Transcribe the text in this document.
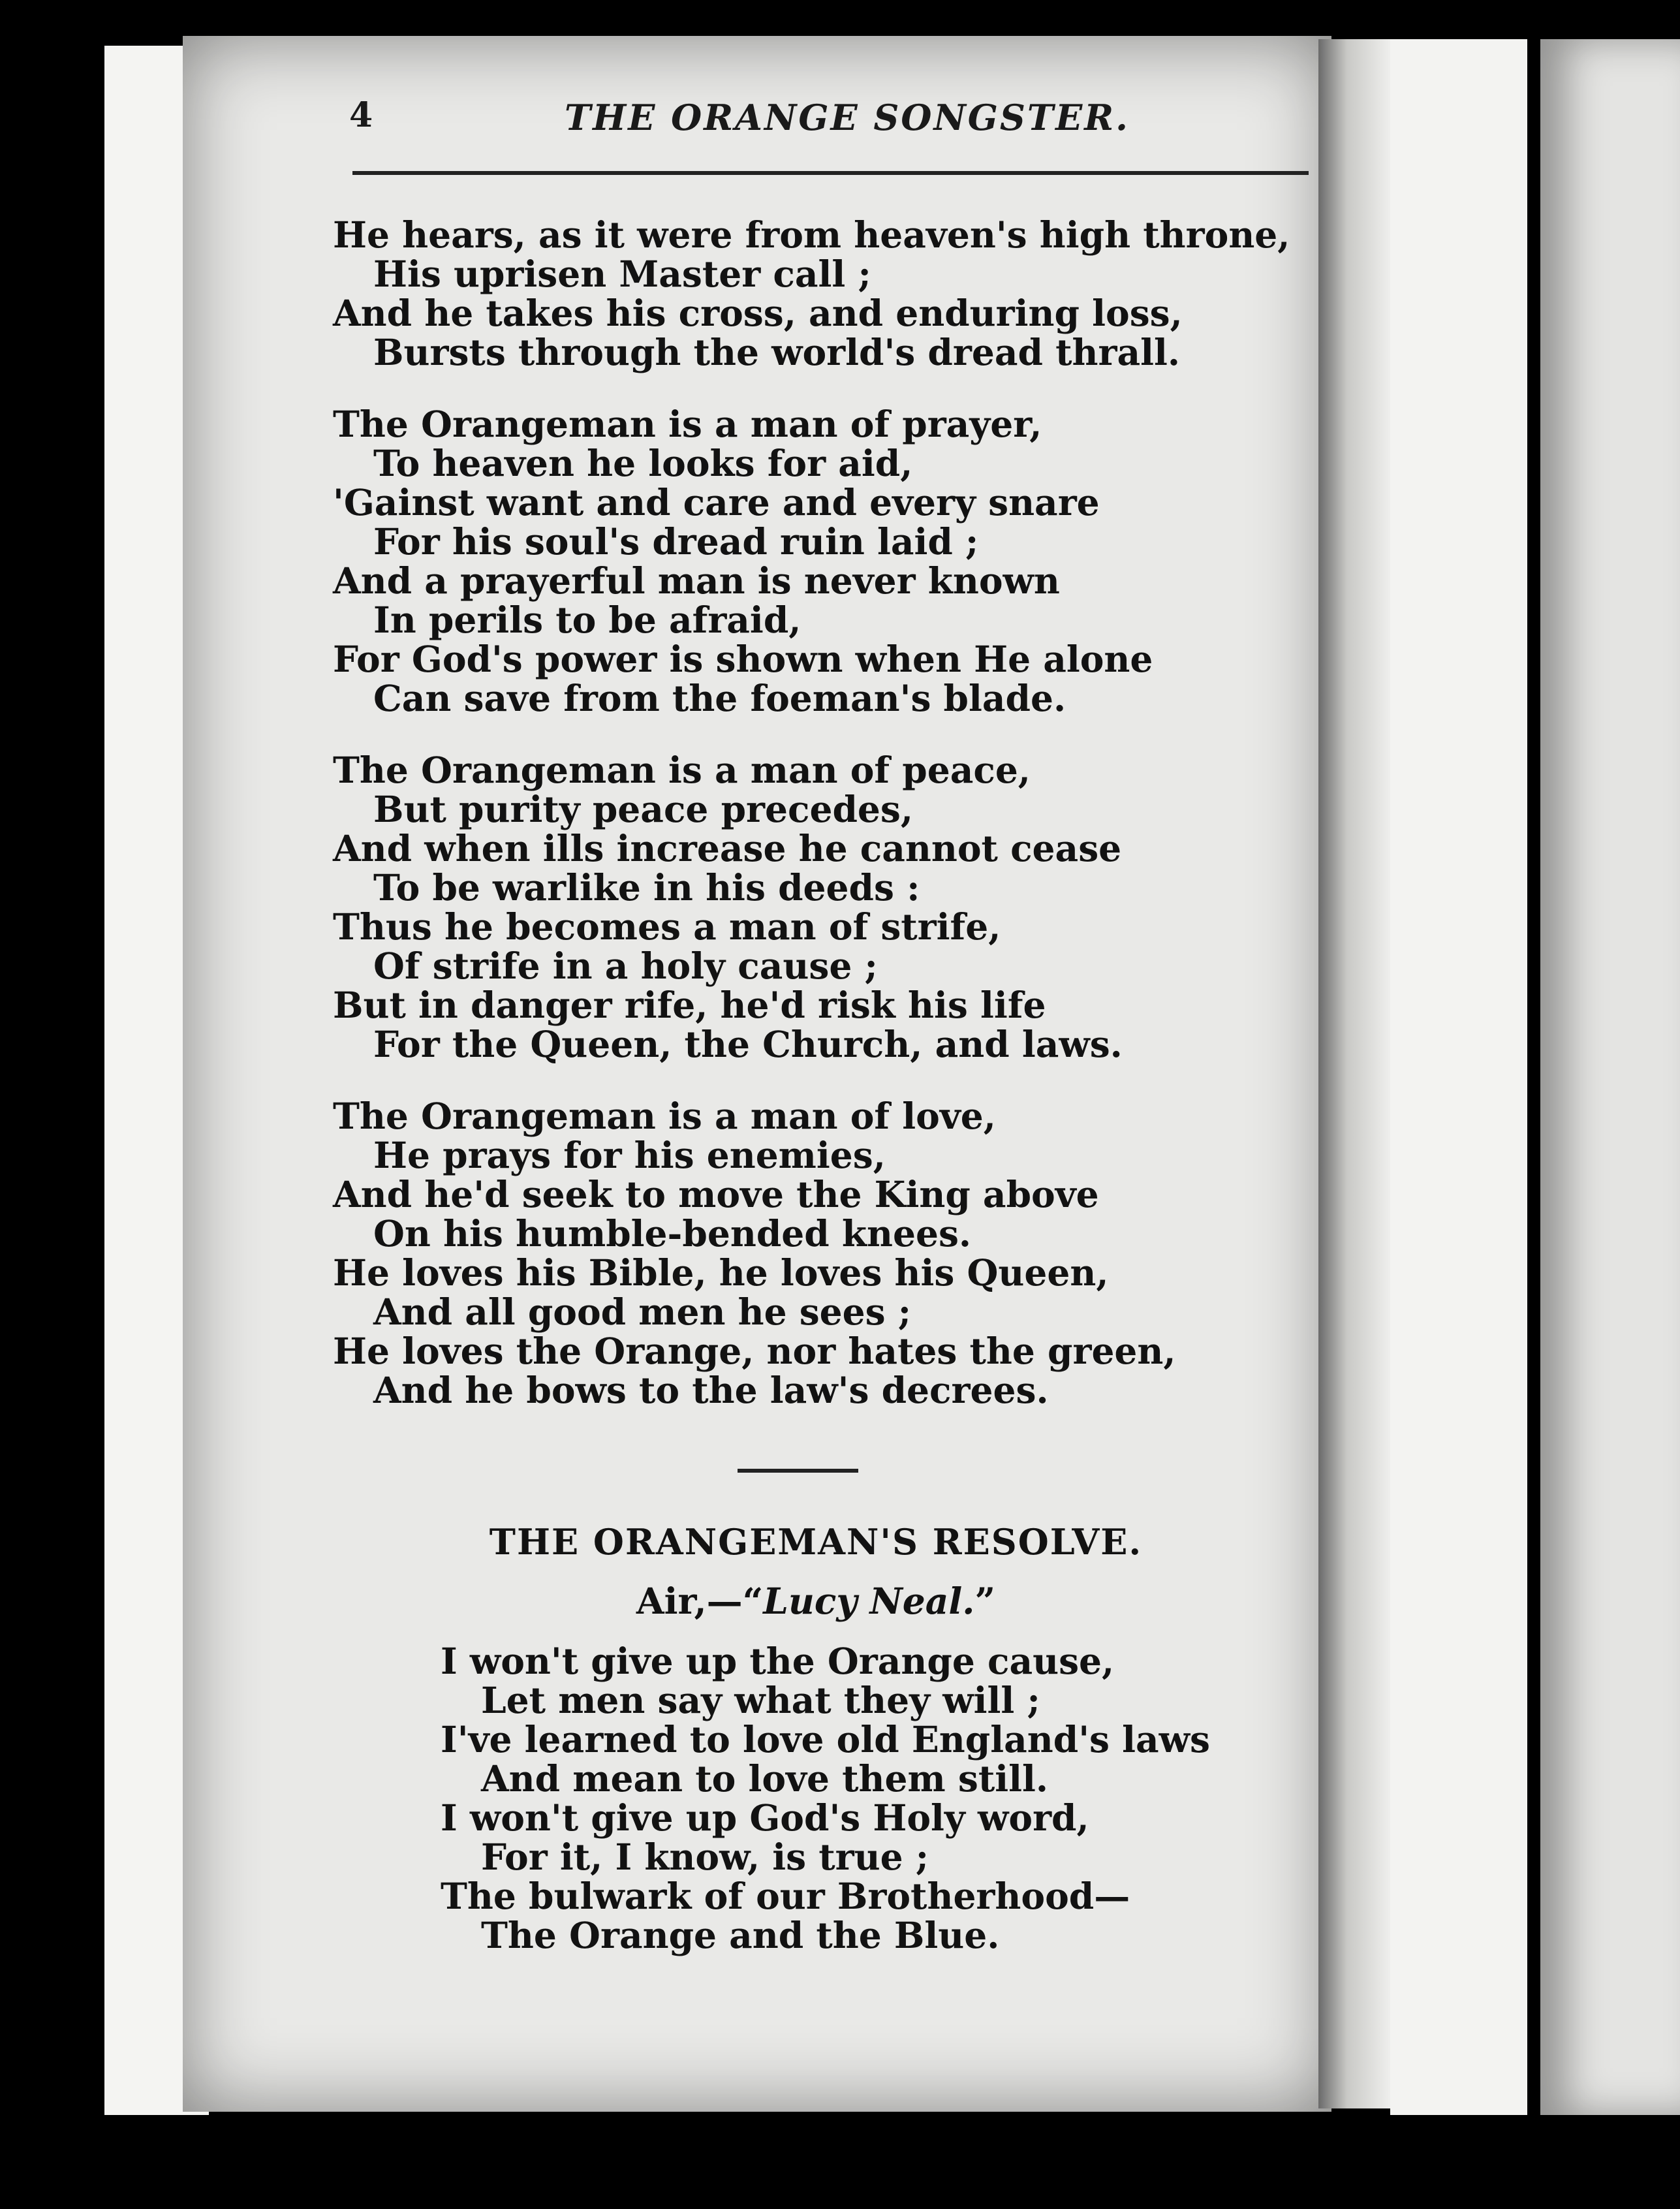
4	THE ORANGE SONGSTER.
He hears, as it were from heaven's high throne,
His uprisen Master call ;
And he takes his cross, and enduring loss,
Bursts through the world's dread thrall.
The Orangeman is a man of prayer,
To heaven he looks for aid,
'Gainst want and care and every snare
For his soul's dread ruin laid ;
And a prayerful man is never known
In perils to be afraid,
For God's power is shown when He alone
Can save from the foeman's blade.
The Orangeman is a man of peace,
But purity peace precedes,
And when ills increase he cannot cease
To be warlike in his deeds :
Thus he becomes a man of strife,
Of strife in a holy cause ;
But in danger rife, he'd risk his life
For the Queen, the Church, and laws.
The Orangeman is a man of love,
He prays for his enemies,
And he'd seek to move the King above
On his humble-bended knees.
He loves his Bible, he loves his Queen,
And all good men he sees ;
He loves the Orange, nor hates the green,
And he bows to the law's decrees.
THE ORANGEMAN'S RESOLVE.
Air,—“Lucy Neal.”
I won't give up the Orange cause,
Let men say what they will ;
I've learned to love old England's laws
And mean to love them still.
I won't give up God's Holy word,
For it, I know, is true ;
The bulwark of our Brotherhood—
The Orange and the Blue.
